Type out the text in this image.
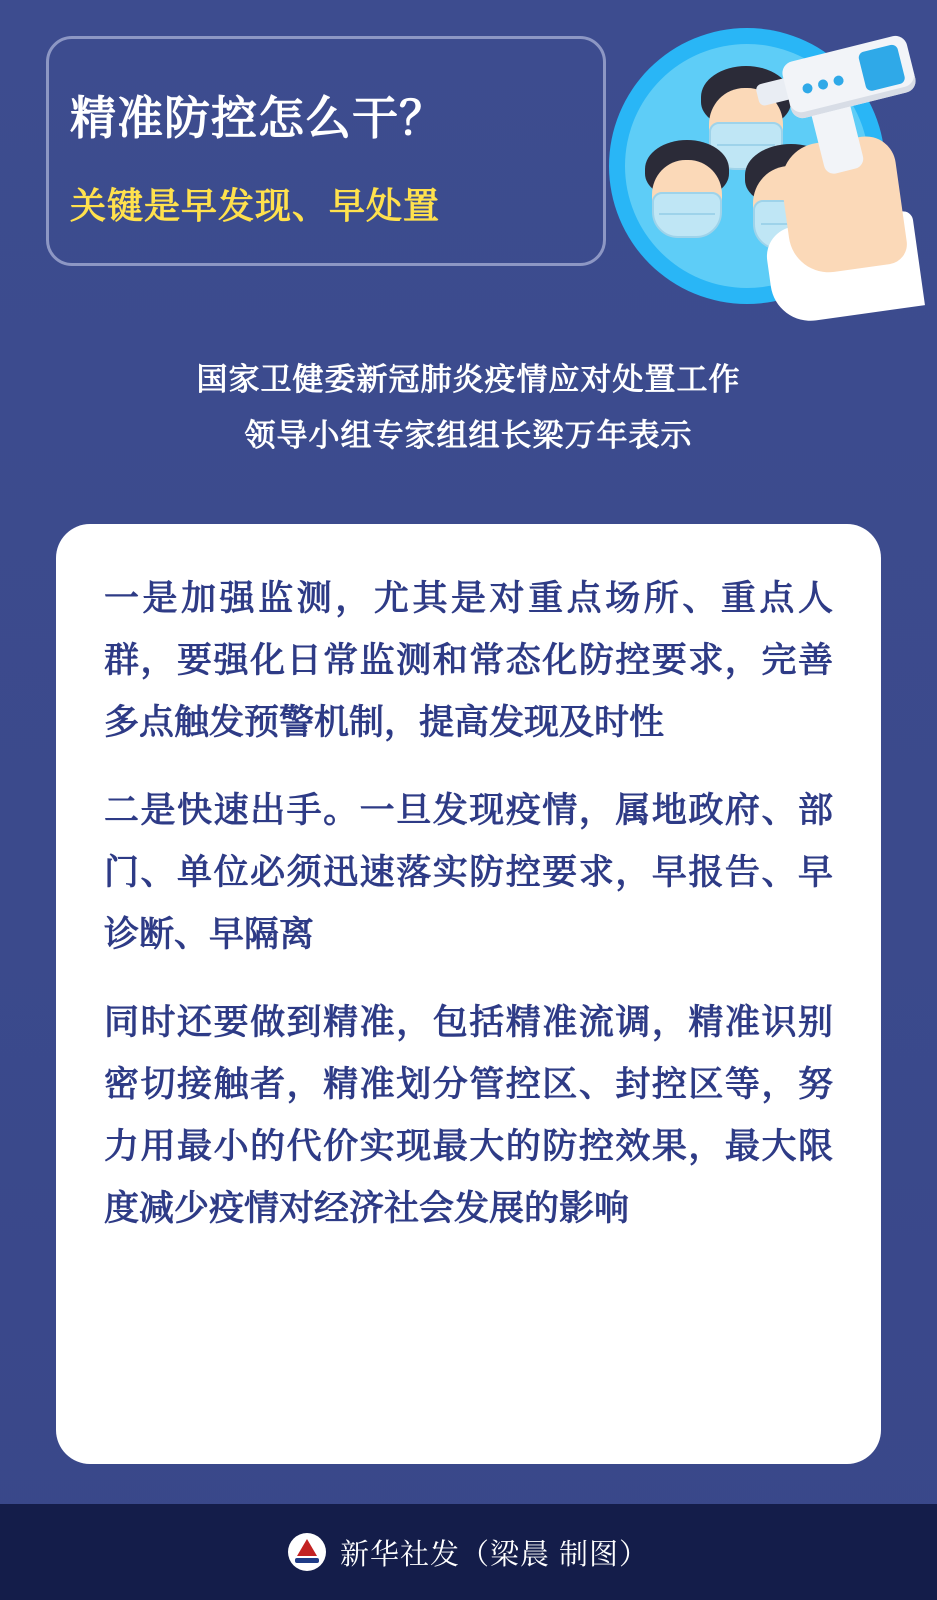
精准防控怎么干？
关键是早发现、早处置
国家卫健委新冠肺炎疫情应对处置工作
领导小组专家组组长梁万年表示

一是加强监测，尤其是对重点场所、重点人群，要强化日常监测和常态化防控要求，完善多点触发预警机制，提高发现及时性

二是快速出手。一旦发现疫情，属地政府、部门、单位必须迅速落实防控要求，早报告、早诊断、早隔离

同时还要做到精准，包括精准流调，精准识别密切接触者，精准划分管控区、封控区等，努力用最小的代价实现最大的防控效果，最大限度减少疫情对经济社会发展的影响

新华社发（梁晨 制图）
